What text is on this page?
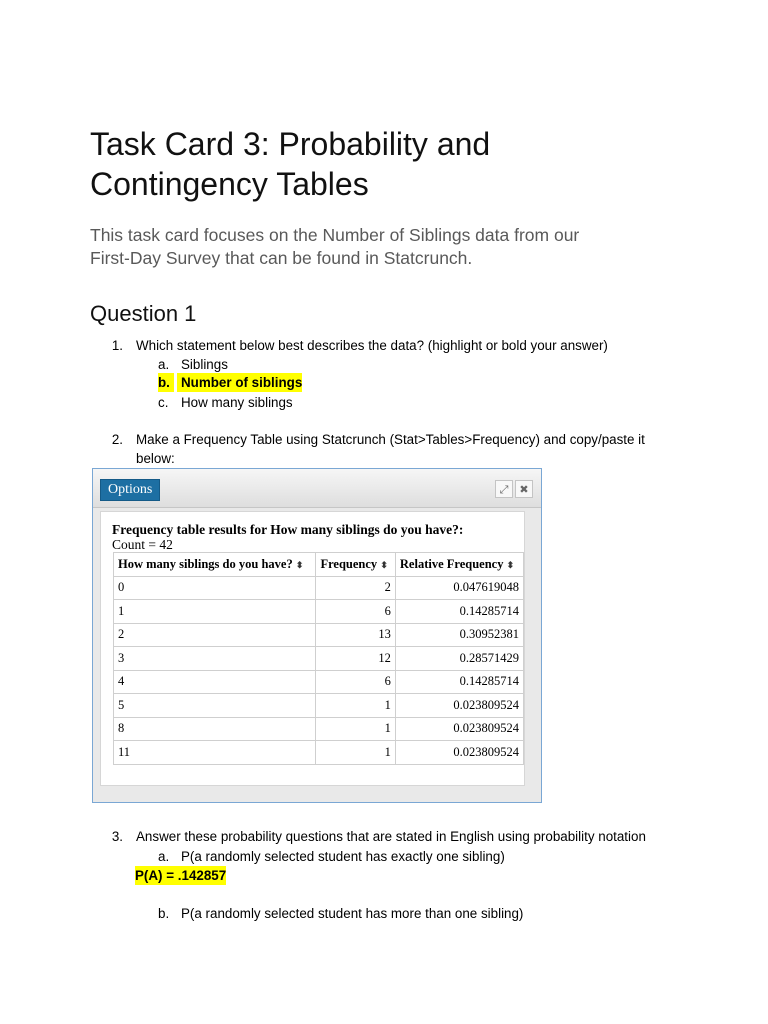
Task Card 3: Probability and
Contingency Tables
This task card focuses on the Number of Siblings data from our
First-Day Survey that can be found in Statcrunch.
Question 1
1. Which statement below best describes the data? (highlight or bold your answer)
a. Siblings
b. Number of siblings
c. How many siblings
2. Make a Frequency Table using Statcrunch (Stat>Tables>Frequency) and copy/paste it
below:
Options	⤢ ✖
Frequency table results for How many siblings do you have?:
Count = 42
How many siblings do you have? ⬍	Frequency ⬍	Relative Frequency ⬍
0	2	0.047619048
1	6	0.14285714
2	13	0.30952381
3	12	0.28571429
4	6	0.14285714
5	1	0.023809524
8	1	0.023809524
11	1	0.023809524
3. Answer these probability questions that are stated in English using probability notation
a. P(a randomly selected student has exactly one sibling)
P(A) = .142857
b. P(a randomly selected student has more than one sibling)
